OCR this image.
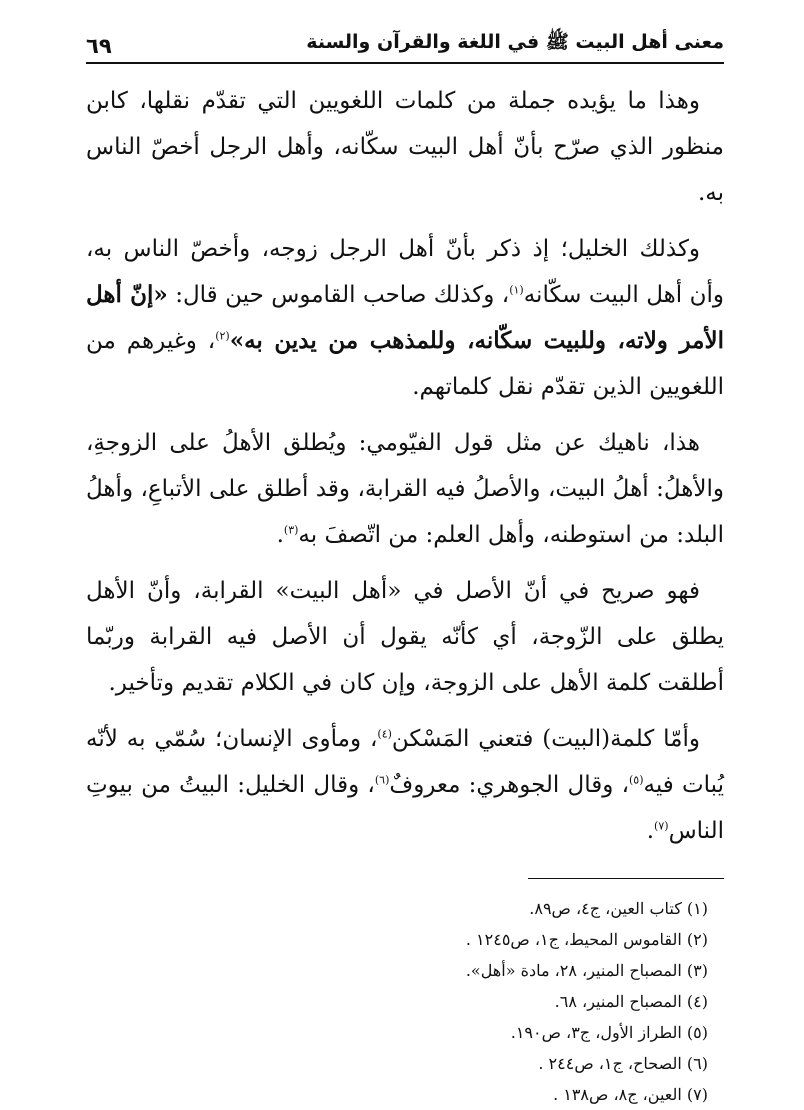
معنى أهل البيت ﷺ في اللغة والقرآن والسنة
٦٩

وهذا ما يؤيده جملة من كلمات اللغويين التي تقدّم نقلها، كابن منظور الذي صرّح بأنّ أهل البيت سكّانه، وأهل الرجل أخصّ الناس به.

وكذلك الخليل؛ إذ ذكر بأنّ أهل الرجل زوجه، وأخصّ الناس به، وأن أهل البيت سكّانه$^{(١)}$، وكذلك صاحب القاموس حين قال: «إنّ أهل الأمر ولاته، وللبيت سكّانه، وللمذهب من يدين به»$^{(٢)}$، وغيرهم من اللغويين الذين تقدّم نقل كلماتهم.

هذا، ناهيك عن مثل قول الفيّومي: ويُطلق الأهلُ على الزوجةِ، والأهلُ: أهلُ البيت، والأصلُ فيه القرابة، وقد أطلق على الأتباعِ، وأهلُ البلد: من استوطنه، وأهل العلم: من اتّصفَ به$^{(٣)}$.

فهو صريح في أنّ الأصل في «أهل البيت» القرابة، وأنّ الأهل يطلق على الزّوجة، أي كأنّه يقول أن الأصل فيه القرابة وربّما أطلقت كلمة الأهل على الزوجة، وإن كان في الكلام تقديم وتأخير.

وأمّا كلمة(البيت) فتعني المَسْكن$^{(٤)}$، ومأوى الإنسان؛ سُمّي به لأنّه يُبات فيه$^{(٥)}$، وقال الجوهري: معروفٌ$^{(٦)}$، وقال الخليل: البيتُ من بيوتِ الناس$^{(٧)}$.

(١) كتاب العين، ج٤، ص٨٩.
(٢) القاموس المحيط، ج١، ص١٢٤٥ .
(٣) المصباح المنير، ٢٨، مادة «أهل».
(٤) المصباح المنير، ٦٨.
(٥) الطراز الأول، ج٣، ص١٩٠.
(٦) الصحاح، ج١، ص٢٤٤ .
(٧) العين، ج٨، ص١٣٨ .
